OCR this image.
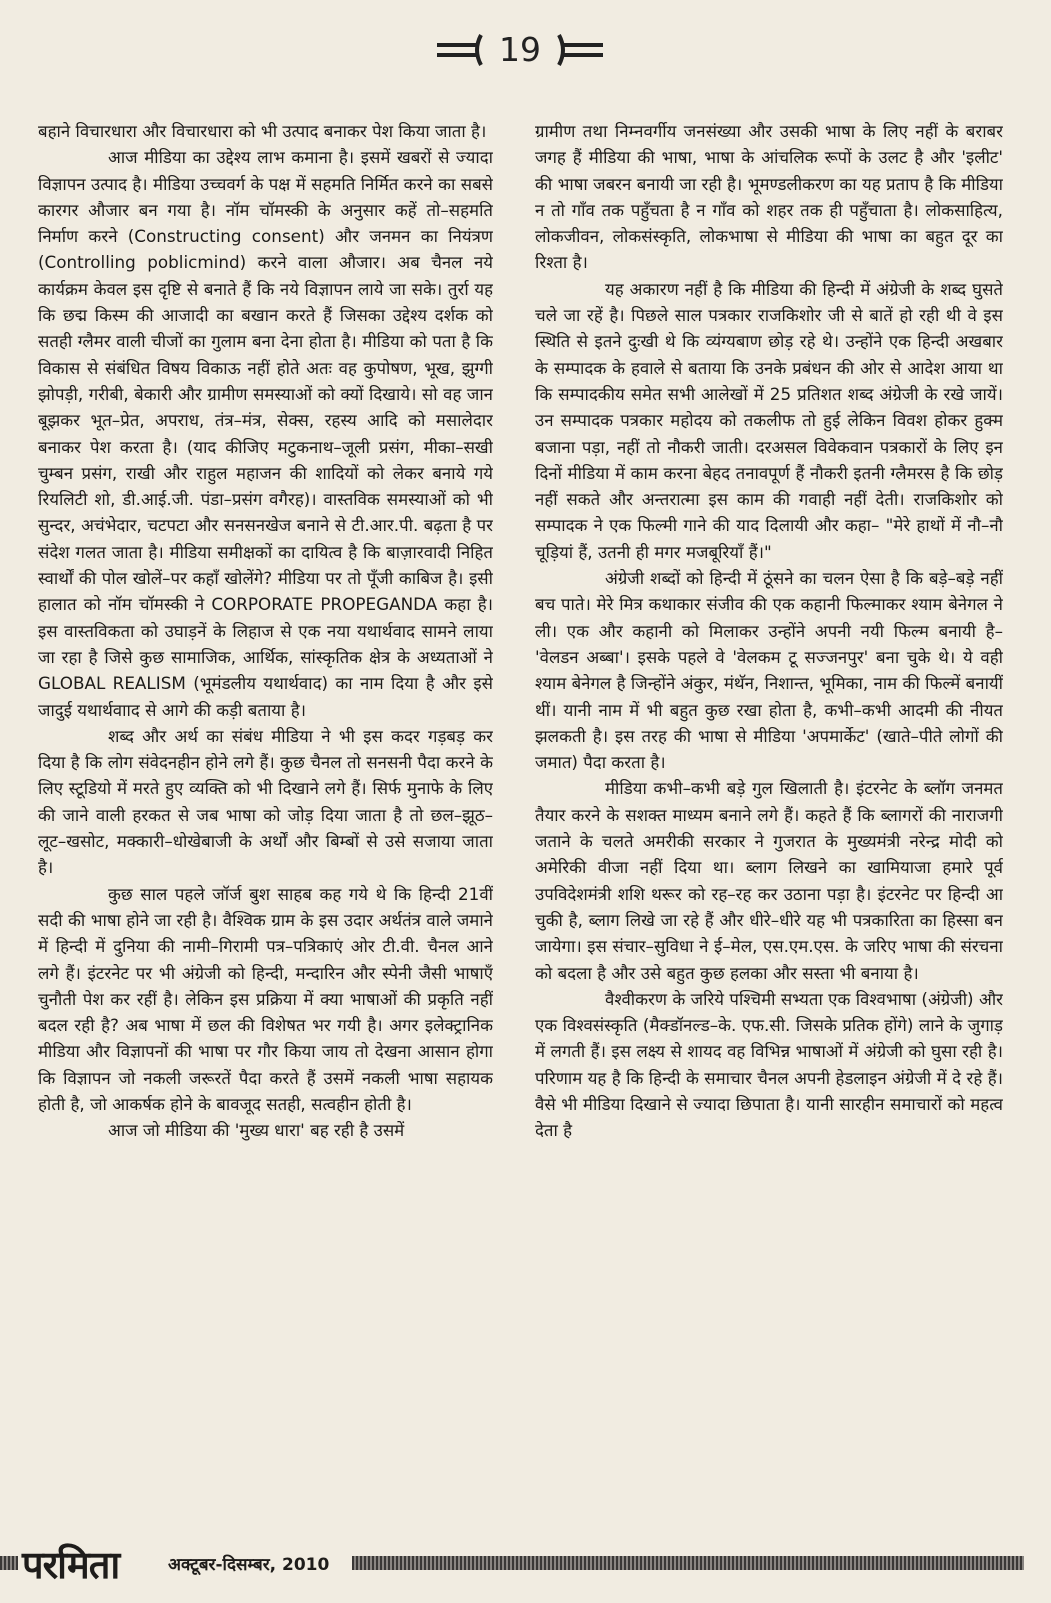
19

बहाने विचारधारा और विचारधारा को भी उत्पाद बनाकर पेश किया जाता है।

आज मीडिया का उद्देश्य लाभ कमाना है। इसमें खबरों से ज्यादा विज्ञापन उत्पाद है। मीडिया उच्चवर्ग के पक्ष में सहमति निर्मित करने का सबसे कारगर औजार बन गया है। नॉम चॉमस्की के अनुसार कहें तो–सहमति निर्माण करने (Constructing consent) और जनमन का नियंत्रण (Controlling poblicmind) करने वाला औजार। अब चैनल नये कार्यक्रम केवल इस दृष्टि से बनाते हैं कि नये विज्ञापन लाये जा सके। तुर्रा यह कि छद्म किस्म की आजादी का बखान करते हैं जिसका उद्देश्य दर्शक को सतही ग्लैमर वाली चीजों का गुलाम बना देना होता है। मीडिया को पता है कि विकास से संबंधित विषय विकाऊ नहीं होते अतः वह कुपोषण, भूख, झुग्गी झोपड़ी, गरीबी, बेकारी और ग्रामीण समस्याओं को क्यों दिखाये। सो वह जान बूझकर भूत–प्रेत, अपराध, तंत्र–मंत्र, सेक्स, रहस्य आदि को मसालेदार बनाकर पेश करता है। (याद कीजिए मटुकनाथ–जूली प्रसंग, मीका–सखी चुम्बन प्रसंग, राखी और राहुल महाजन की शादियों को लेकर बनाये गये रियलिटी शो, डी.आई.जी. पंडा–प्रसंग वगैरह)। वास्तविक समस्याओं को भी सुन्दर, अचंभेदार, चटपटा और सनसनखेज बनाने से टी.आर.पी. बढ़ता है पर संदेश गलत जाता है। मीडिया समीक्षकों का दायित्व है कि बाज़ारवादी निहित स्वार्थों की पोल खोलें–पर कहाँ खोलेंगे? मीडिया पर तो पूँजी काबिज है। इसी हालात को नॉम चॉमस्की ने CORPORATE PROPEGANDA कहा है। इस वास्तविकता को उघाड़नें के लिहाज से एक नया यथार्थवाद सामने लाया जा रहा है जिसे कुछ सामाजिक, आर्थिक, सांस्कृतिक क्षेत्र के अध्यताओं ने GLOBAL REALISM (भूमंडलीय यथार्थवाद) का नाम दिया है और इसे जादुई यथार्थवााद से आगे की कड़ी बताया है।

शब्द और अर्थ का संबंध मीडिया ने भी इस कदर गड़बड़ कर दिया है कि लोग संवेदनहीन होने लगे हैं। कुछ चैनल तो सनसनी पैदा करने के लिए स्टूडियो में मरते हुए व्यक्ति को भी दिखाने लगे हैं। सिर्फ मुनाफे के लिए की जाने वाली हरकत से जब भाषा को जोड़ दिया जाता है तो छल–झूठ–लूट–खसोट, मक्कारी–धोखेबाजी के अर्थों और बिम्बों से उसे सजाया जाता है।

कुछ साल पहले जॉर्ज बुश साहब कह गये थे कि हिन्दी 21वीं सदी की भाषा होने जा रही है। वैश्विक ग्राम के इस उदार अर्थतंत्र वाले जमाने में हिन्दी में दुनिया की नामी–गिरामी पत्र–पत्रिकाएं ओर टी.वी. चैनल आने लगे हैं। इंटरनेट पर भी अंग्रेजी को हिन्दी, मन्दारिन और स्पेनी जैसी भाषाएँ चुनौती पेश कर रहीं है। लेकिन इस प्रक्रिया में क्या भाषाओं की प्रकृति नहीं बदल रही है? अब भाषा में छल की विशेषत भर गयी है। अगर इलेक्ट्रानिक मीडिया और विज्ञापनों की भाषा पर गौर किया जाय तो देखना आसान होगा कि विज्ञापन जो नकली जरूरतें पैदा करते हैं उसमें नकली भाषा सहायक होती है, जो आकर्षक होने के बावजूद सतही, सत्वहीन होती है।

आज जो मीडिया की 'मुख्य धारा' बह रही है उसमें

ग्रामीण तथा निम्नवर्गीय जनसंख्या और उसकी भाषा के लिए नहीं के बराबर जगह हैं मीडिया की भाषा, भाषा के आंचलिक रूपों के उलट है और 'इलीट' की भाषा जबरन बनायी जा रही है। भूमण्डलीकरण का यह प्रताप है कि मीडिया न तो गाँव तक पहुँचता है न गाँव को शहर तक ही पहुँचाता है। लोकसाहित्य, लोकजीवन, लोकसंस्कृति, लोकभाषा से मीडिया की भाषा का बहुत दूर का रिश्ता है।

यह अकारण नहीं है कि मीडिया की हिन्दी में अंग्रेजी के शब्द घुसते चले जा रहें है। पिछले साल पत्रकार राजकिशोर जी से बातें हो रही थी वे इस स्थिति से इतने दुःखी थे कि व्यंग्यबाण छोड़ रहे थे। उन्होंने एक हिन्दी अखबार के सम्पादक के हवाले से बताया कि उनके प्रबंधन की ओर से आदेश आया था कि सम्पादकीय समेत सभी आलेखों में 25 प्रतिशत शब्द अंग्रेजी के रखे जायें। उन सम्पादक पत्रकार महोदय को तकलीफ तो हुई लेकिन विवश होकर हुक्म बजाना पड़ा, नहीं तो नौकरी जाती। दरअसल विवेकवान पत्रकारों के लिए इन दिनों मीडिया में काम करना बेहद तनावपूर्ण हैं नौकरी इतनी ग्लैमरस है कि छोड़ नहीं सकते और अन्तरात्मा इस काम की गवाही नहीं देती। राजकिशोर को सम्पादक ने एक फिल्मी गाने की याद दिलायी और कहा– "मेरे हाथों में नौ–नौ चूड़ियां हैं, उतनी ही मगर मजबूरियाँ हैं।"

अंग्रेजी शब्दों को हिन्दी में ठूंसने का चलन ऐसा है कि बड़े–बड़े नहीं बच पाते। मेरे मित्र कथाकार संजीव की एक कहानी फिल्माकर श्याम बेनेगल ने ली। एक और कहानी को मिलाकर उन्होंने अपनी नयी फिल्म बनायी है– 'वेलडन अब्बा'। इसके पहले वे 'वेलकम टू सज्जनपुर' बना चुके थे। ये वही श्याम बेनेगल है जिन्होंने अंकुर, मंथॅन, निशान्त, भूमिका, नाम की फिल्में बनायीं थीं। यानी नाम में भी बहुत कुछ रखा होता है, कभी–कभी आदमी की नीयत झलकती है। इस तरह की भाषा से मीडिया 'अपमार्केट' (खाते–पीते लोगों की जमात) पैदा करता है।

मीडिया कभी–कभी बड़े गुल खिलाती है। इंटरनेट के ब्लॉग जनमत तैयार करने के सशक्त माध्यम बनाने लगे हैं। कहते हैं कि ब्लागरों की नाराजगी जताने के चलते अमरीकी सरकार ने गुजरात के मुख्यमंत्री नरेन्द्र मोदी को अमेरिकी वीजा नहीं दिया था। ब्लाग लिखने का खामियाजा हमारे पूर्व उपविदेशमंत्री शशि थरूर को रह–रह कर उठाना पड़ा है। इंटरनेट पर हिन्दी आ चुकी है, ब्लाग लिखे जा रहे हैं और धीरे–धीरे यह भी पत्रकारिता का हिस्सा बन जायेगा। इस संचार–सुविधा ने ई–मेल, एस.एम.एस. के जरिए भाषा की संरचना को बदला है और उसे बहुत कुछ हलका और सस्ता भी बनाया है।

वैश्वीकरण के जरिये पश्चिमी सभ्यता एक विश्वभाषा (अंग्रेजी) और एक विश्वसंस्कृति (मैक्डॉनल्ड–के. एफ.सी. जिसके प्रतिक होंगे) लाने के जुगाड़ में लगती हैं। इस लक्ष्य से शायद वह विभिन्न भाषाओं में अंग्रेजी को घुसा रही है। परिणाम यह है कि हिन्दी के समाचार चैनल अपनी हेडलाइन अंग्रेजी में दे रहे हैं। वैसे भी मीडिया दिखाने से ज्यादा छिपाता है। यानी सारहीन समाचारों को महत्व देता है

परमिता	अक्टूबर-दिसम्बर, 2010
